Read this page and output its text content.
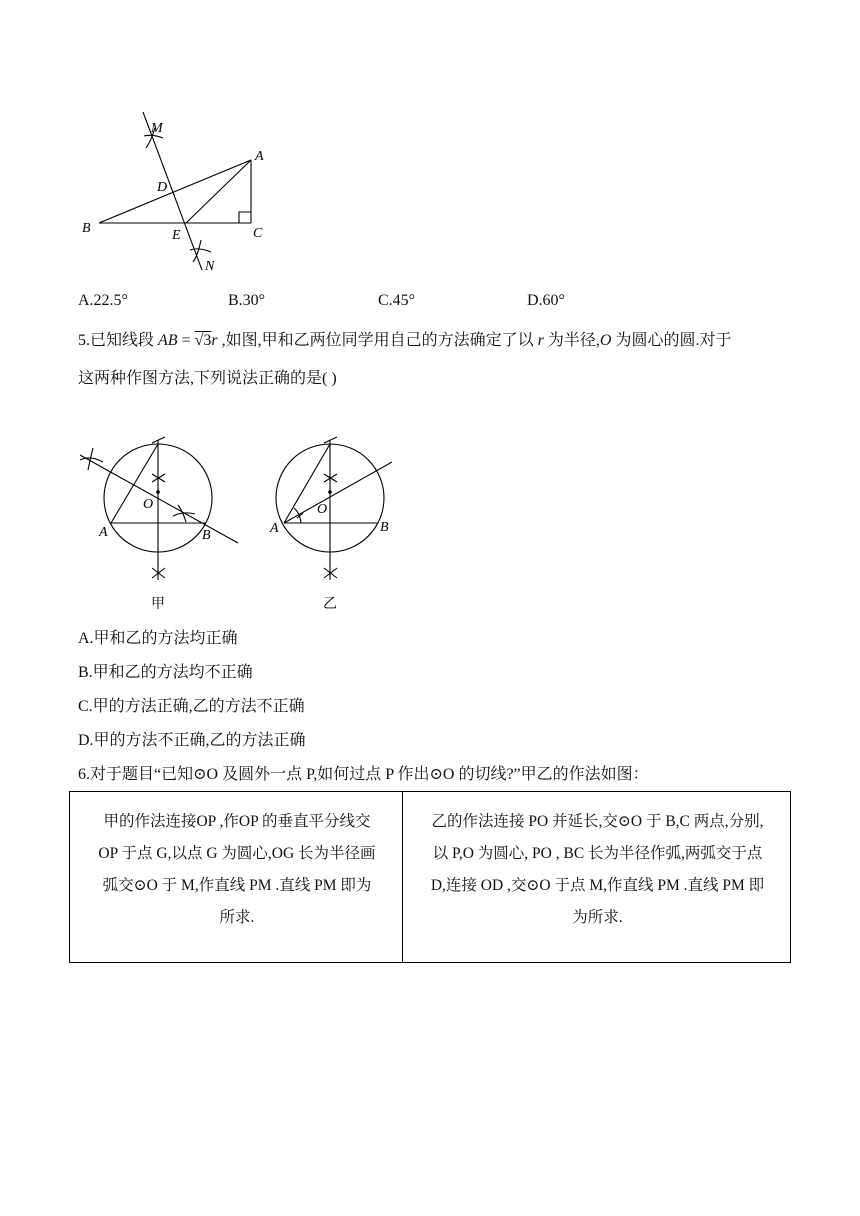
M
A
D
B	E	C
N
A.22.5°	B.30°	C.45°	D.60°
5.已知线段 AB = √3r ,如图,甲和乙两位同学用自己的方法确定了以 r 为半径,O 为圆心的圆.对于
这两种作图方法,下列说法正确的是( )
O
A	B
甲
O
A	B
乙
A.甲和乙的方法均正确
B.甲和乙的方法均不正确
C.甲的方法正确,乙的方法不正确
D.甲的方法不正确,乙的方法正确
6.对于题目“已知⊙O 及圆外一点 P,如何过点 P 作出⊙O 的切线?”甲乙的作法如图：
甲的作法连接OP ,作OP 的垂直平分线交
OP 于点 G,以点 G 为圆心,OG 长为半径画
弧交⊙O 于 M,作直线 PM .直线 PM 即为
所求.

乙的作法连接 PO 并延长,交⊙O 于 B,C 两点,分别,
以 P,O 为圆心, PO , BC 长为半径作弧,两弧交于点
D,连接 OD ,交⊙O 于点 M,作直线 PM .直线 PM 即
为所求.
